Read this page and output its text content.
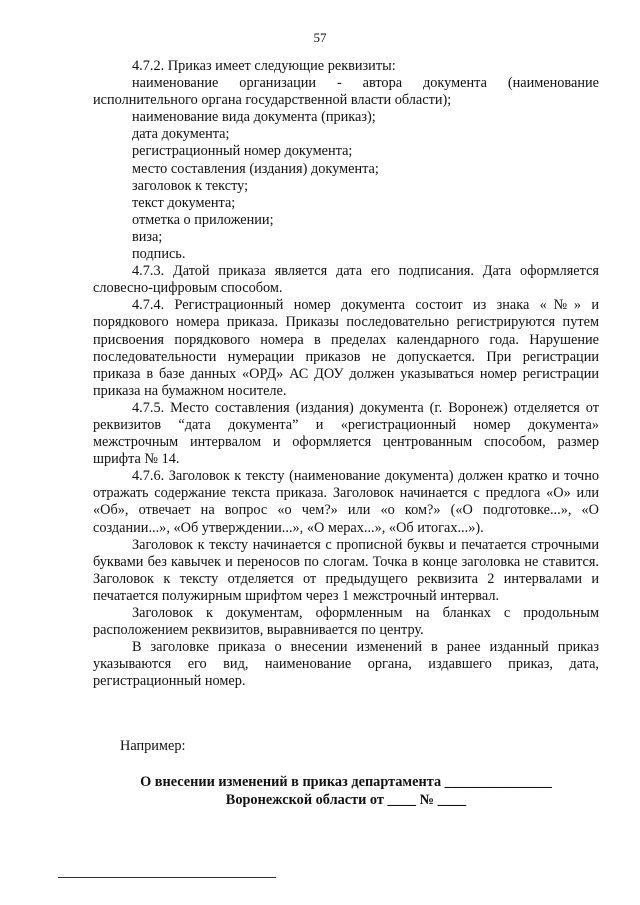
57

4.7.2. Приказ имеет следующие реквизиты:

наименование организации - автора документа (наименование исполнительного органа государственной власти области);

наименование вида документа (приказ);

дата документа;

регистрационный номер документа;

место составления (издания) документа;

заголовок к тексту;

текст документа;

отметка о приложении;

виза;

подпись.

4.7.3. Датой приказа является дата его подписания. Дата оформляется словесно-цифровым способом.

4.7.4. Регистрационный номер документа состоит из знака «№» и порядкового номера приказа. Приказы последовательно регистрируются путем присвоения порядкового номера в пределах календарного года. Нарушение последовательности нумерации приказов не допускается. При регистрации приказа в базе данных «ОРД» АС ДОУ должен указываться номер регистрации приказа на бумажном носителе.

4.7.5. Место составления (издания) документа (г. Воронеж) отделяется от реквизитов “дата документа” и «регистрационный номер документа» межстрочным интервалом и оформляется центрованным способом, размер шрифта № 14.

4.7.6. Заголовок к тексту (наименование документа) должен кратко и точно отражать содержание текста приказа. Заголовок начинается с предлога «О» или «Об», отвечает на вопрос «о чем?» или «о ком?» («О подготовке...», «О создании...», «Об утверждении...», «О мерах...», «Об итогах...»).

Заголовок к тексту начинается с прописной буквы и печатается строчными буквами без кавычек и переносов по слогам. Точка в конце заголовка не ставится. Заголовок к тексту отделяется от предыдущего реквизита 2 интервалами и печатается полужирным шрифтом через 1 межстрочный интервал.

Заголовок к документам, оформленным на бланках с продольным расположением реквизитов, выравнивается по центру.

В заголовке приказа о внесении изменений в ранее изданный приказ указываются его вид, наименование органа, издавшего приказ, дата, регистрационный номер.

Например:
О внесении изменений в приказ департамента _______________
Воронежской области от ____ № ____
